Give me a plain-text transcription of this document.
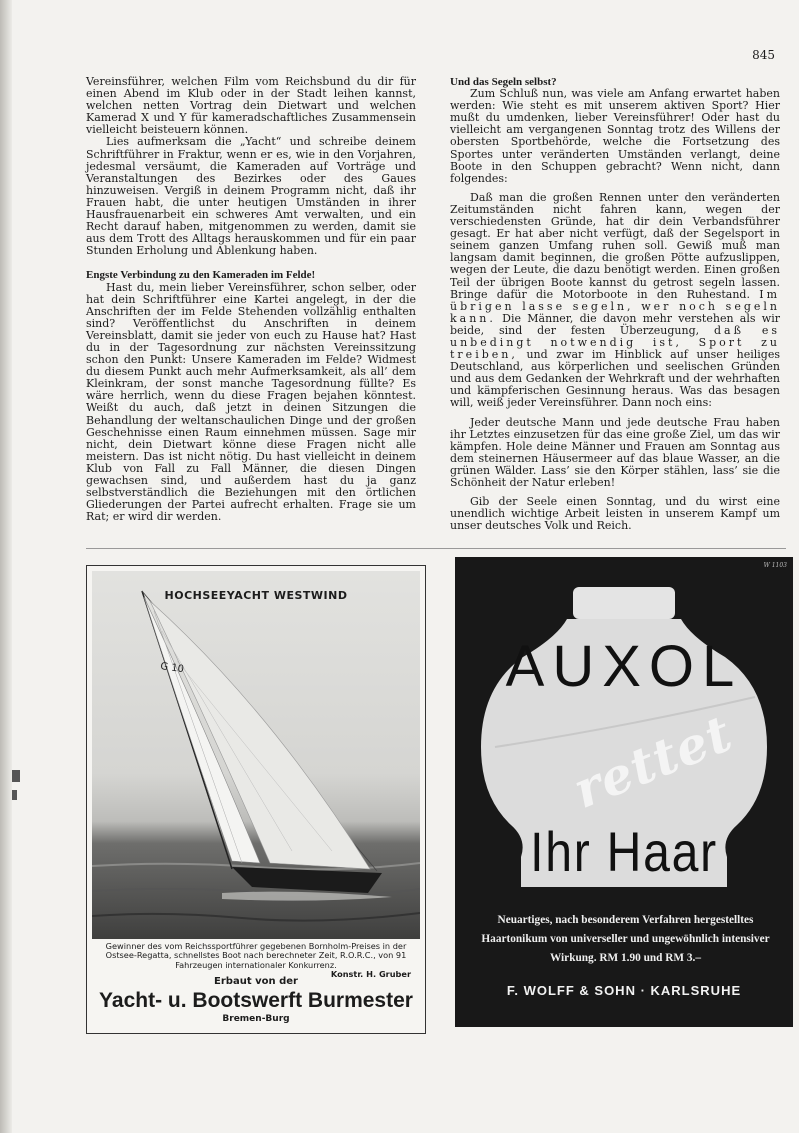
845

Vereinsführer, welchen Film vom Reichsbund du dir für einen Abend im Klub oder in der Stadt leihen kannst, welchen netten Vortrag dein Dietwart und welchen Kamerad X und Y für kameradschaftliches Zusammensein vielleicht beisteuern können.

Lies aufmerksam die „Yacht“ und schreibe deinem Schriftführer in Fraktur, wenn er es, wie in den Vorjahren, jedesmal versäumt, die Kameraden auf Vorträge und Veranstaltungen des Bezirkes oder des Gaues hinzuweisen. Vergiß in deinem Programm nicht, daß ihr Frauen habt, die unter heutigen Umständen in ihrer Hausfrauenarbeit ein schweres Amt verwalten, und ein Recht darauf haben, mitgenommen zu werden, damit sie aus dem Trott des Alltags herauskommen und für ein paar Stunden Erholung und Ablenkung haben.

Engste Verbindung zu den Kameraden im Felde!

Hast du, mein lieber Vereinsführer, schon selber, oder hat dein Schriftführer eine Kartei angelegt, in der die Anschriften der im Felde Stehenden vollzählig enthalten sind? Veröffentlichst du Anschriften in deinem Vereinsblatt, damit sie jeder von euch zu Hause hat? Hast du in der Tagesordnung zur nächsten Vereinssitzung schon den Punkt: Unsere Kameraden im Felde? Widmest du diesem Punkt auch mehr Aufmerksamkeit, als all’ dem Kleinkram, der sonst manche Tagesordnung füllte? Es wäre herrlich, wenn du diese Fragen bejahen könntest. Weißt du auch, daß jetzt in deinen Sitzungen die Behandlung der weltanschaulichen Dinge und der großen Geschehnisse einen Raum einnehmen müssen. Sage mir nicht, dein Dietwart könne diese Fragen nicht alle meistern. Das ist nicht nötig. Du hast vielleicht in deinem Klub von Fall zu Fall Männer, die diesen Dingen gewachsen sind, und außerdem hast du ja ganz selbstverständlich die Beziehungen mit den örtlichen Gliederungen der Partei aufrecht erhalten. Frage sie um Rat; er wird dir werden.

Und das Segeln selbst?

Zum Schluß nun, was viele am Anfang erwartet haben werden: Wie steht es mit unserem aktiven Sport? Hier mußt du umdenken, lieber Vereinsführer! Oder hast du vielleicht am vergangenen Sonntag trotz des Willens der obersten Sportbehörde, welche die Fortsetzung des Sportes unter veränderten Umständen verlangt, deine Boote in den Schuppen gebracht? Wenn nicht, dann folgendes:

Daß man die großen Rennen unter den veränderten Zeitumständen nicht fahren kann, wegen der verschiedensten Gründe, hat dir dein Verbandsführer gesagt. Er hat aber nicht verfügt, daß der Segelsport in seinem ganzen Umfang ruhen soll. Gewiß muß man langsam damit beginnen, die großen Pötte aufzuslippen, wegen der Leute, die dazu benötigt werden. Einen großen Teil der übrigen Boote kannst du getrost segeln lassen. Bringe dafür die Motorboote in den Ruhestand. Im übrigen lasse segeln, wer noch segeln kann. Die Männer, die davon mehr verstehen als wir beide, sind der festen Überzeugung, daß es unbedingt notwendig ist, Sport zu treiben, und zwar im Hinblick auf unser heiliges Deutschland, aus körperlichen und seelischen Gründen und aus dem Gedanken der Wehrkraft und der wehrhaften und kämpferischen Gesinnung heraus. Was das besagen will, weiß jeder Vereinsführer. Dann noch eins:

Jeder deutsche Mann und jede deutsche Frau haben ihr Letztes einzusetzen für das eine große Ziel, um das wir kämpfen. Hole deine Männer und Frauen am Sonntag aus dem steinernen Häusermeer auf das blaue Wasser, an die grünen Wälder. Lass’ sie den Körper stählen, lass’ sie die Schönheit der Natur erleben!

Gib der Seele einen Sonntag, und du wirst eine unendlich wichtige Arbeit leisten in unserem Kampf um unser deutsches Volk und Reich.

G 10
HOCHSEEYACHT WESTWIND
Gewinner des vom Reichssportführer gegebenen Bornholm-Preises in der Ostsee-Regatta, schnellstes Boot nach berechneter Zeit, R.O.R.C., von 91 Fahrzeugen internationaler Konkurrenz.
Konstr. H. Gruber
Erbaut von der
Yacht- u. Bootswerft Burmester
Bremen-Burg
W 1103
AUXOL
rettet
Ihr Haar
Neuartiges, nach besonderem Verfahren hergestelltes Haartonikum von universeller und ungewöhnlich intensiver Wirkung. RM 1.90 und RM 3.–
F. WOLFF & SOHN · KARLSRUHE
